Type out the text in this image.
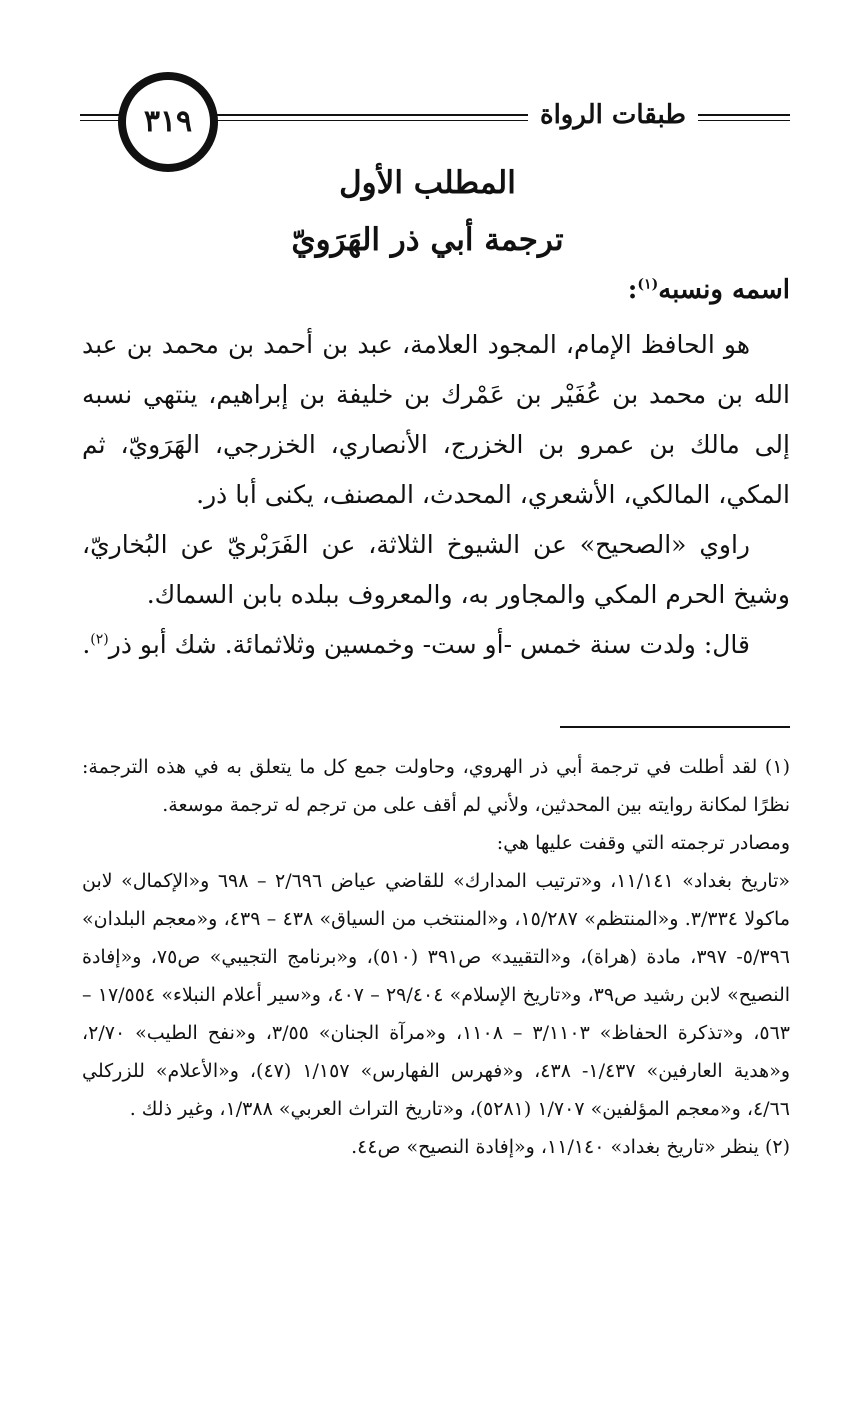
٣١٩	طبقات الرواة
المطلب الأول
ترجمة أبي ذر الهَرَويّ
اسمه ونسبه$^{(١)}$:

هو الحافظ الإمام، المجود العلامة، عبد بن أحمد بن محمد بن عبد الله بن محمد بن عُفَيْر بن عَمْرك بن خليفة بن إبراهيم، ينتهي نسبه إلى مالك بن عمرو بن الخزرج، الأنصاري، الخزرجي، الهَرَويّ، ثم المكي، المالكي، الأشعري، المحدث، المصنف، يكنى أبا ذر.

راوي «الصحيح» عن الشيوخ الثلاثة، عن الفَرَبْريّ عن البُخاريّ، وشيخ الحرم المكي والمجاور به، والمعروف ببلده بابن السماك.

قال: ولدت سنة خمس -أو ست- وخمسين وثلاثمائة. شك أبو ذر$^{(٢)}$.

(١) لقد أطلت في ترجمة أبي ذر الهروي، وحاولت جمع كل ما يتعلق به في هذه الترجمة: نظرًا لمكانة روايته بين المحدثين، ولأني لم أقف على من ترجم له ترجمة موسعة.

ومصادر ترجمته التي وقفت عليها هي:

«تاريخ بغداد» ١١/١٤١، و«ترتيب المدارك» للقاضي عياض ٢/٦٩٦ – ٦٩٨ و«الإكمال» لابن ماكولا ٣/٣٣٤. و«المنتظم» ١٥/٢٨٧، و«المنتخب من السياق» ٤٣٨ – ٤٣٩، و«معجم البلدان» ٥/٣٩٦- ٣٩٧، مادة (هراة)، و«التقييد» ص٣٩١ (٥١٠)، و«برنامج التجيبي» ص٧٥، و«إفادة النصيح» لابن رشيد ص٣٩، و«تاريخ الإسلام» ٢٩/٤٠٤ – ٤٠٧، و«سير أعلام النبلاء» ١٧/٥٥٤ – ٥٦٣، و«تذكرة الحفاظ» ٣/١١٠٣ – ١١٠٨، و«مرآة الجنان» ٣/٥٥، و«نفح الطيب» ٢/٧٠، و«هدية العارفين» ١/٤٣٧- ٤٣٨، و«فهرس الفهارس» ١/١٥٧ (٤٧)، و«الأعلام» للزركلي ٤/٦٦، و«معجم المؤلفين» ١/٧٠٧ (٥٢٨١)، و«تاريخ التراث العربي» ١/٣٨٨، وغير ذلك .

(٢) ينظر «تاريخ بغداد» ١١/١٤٠، و«إفادة النصيح» ص٤٤.
